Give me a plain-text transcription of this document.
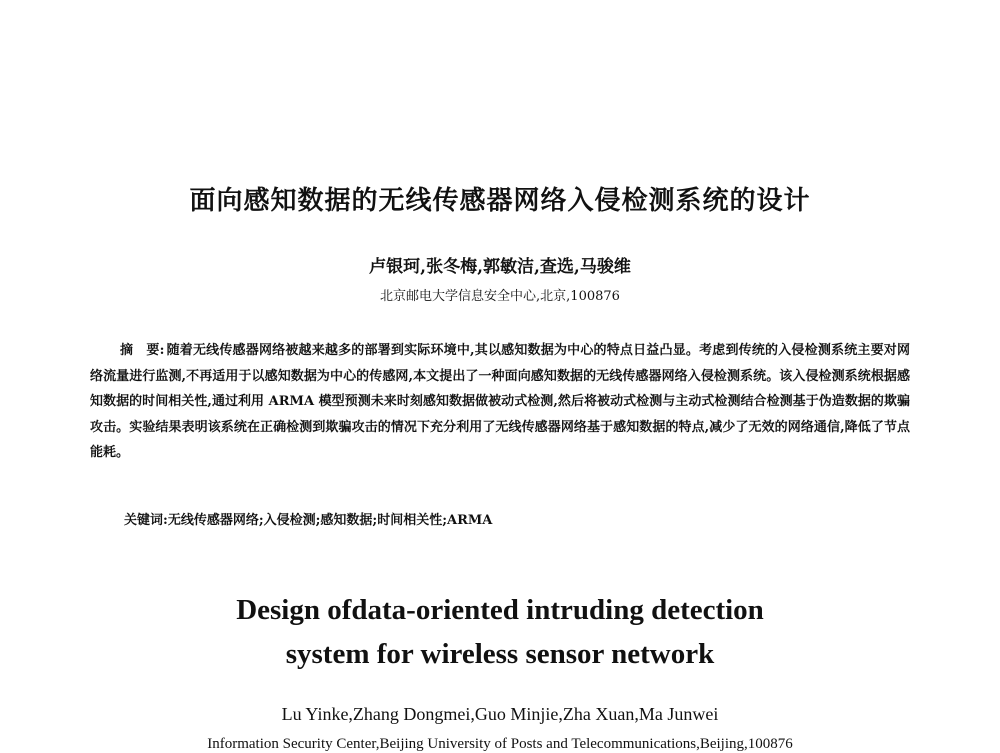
面向感知数据的无线传感器网络入侵检测系统的设计
卢银珂,张冬梅,郭敏洁,查选,马骏维
北京邮电大学信息安全中心,北京,100876
摘　要: 随着无线传感器网络被越来越多的部署到实际环境中,其以感知数据为中心的特点日益凸显。考虑到传统的入侵检测系统主要对网络流量进行监测,不再适用于以感知数据为中心的传感网,本文提出了一种面向感知数据的无线传感器网络入侵检测系统。该入侵检测系统根据感知数据的时间相关性,通过利用 ARMA 模型预测未来时刻感知数据做被动式检测,然后将被动式检测与主动式检测结合检测基于伪造数据的欺骗攻击。实验结果表明该系统在正确检测到欺骗攻击的情况下充分利用了无线传感器网络基于感知数据的特点,减少了无效的网络通信,降低了节点能耗。
关键词:无线传感器网络;入侵检测;感知数据;时间相关性;ARMA
Design ofdata-oriented intruding detection
system for wireless sensor network
Lu Yinke,Zhang Dongmei,Guo Minjie,Zha Xuan,Ma Junwei
Information Security Center,Beijing University of Posts and Telecommunications,Beijing,100876
